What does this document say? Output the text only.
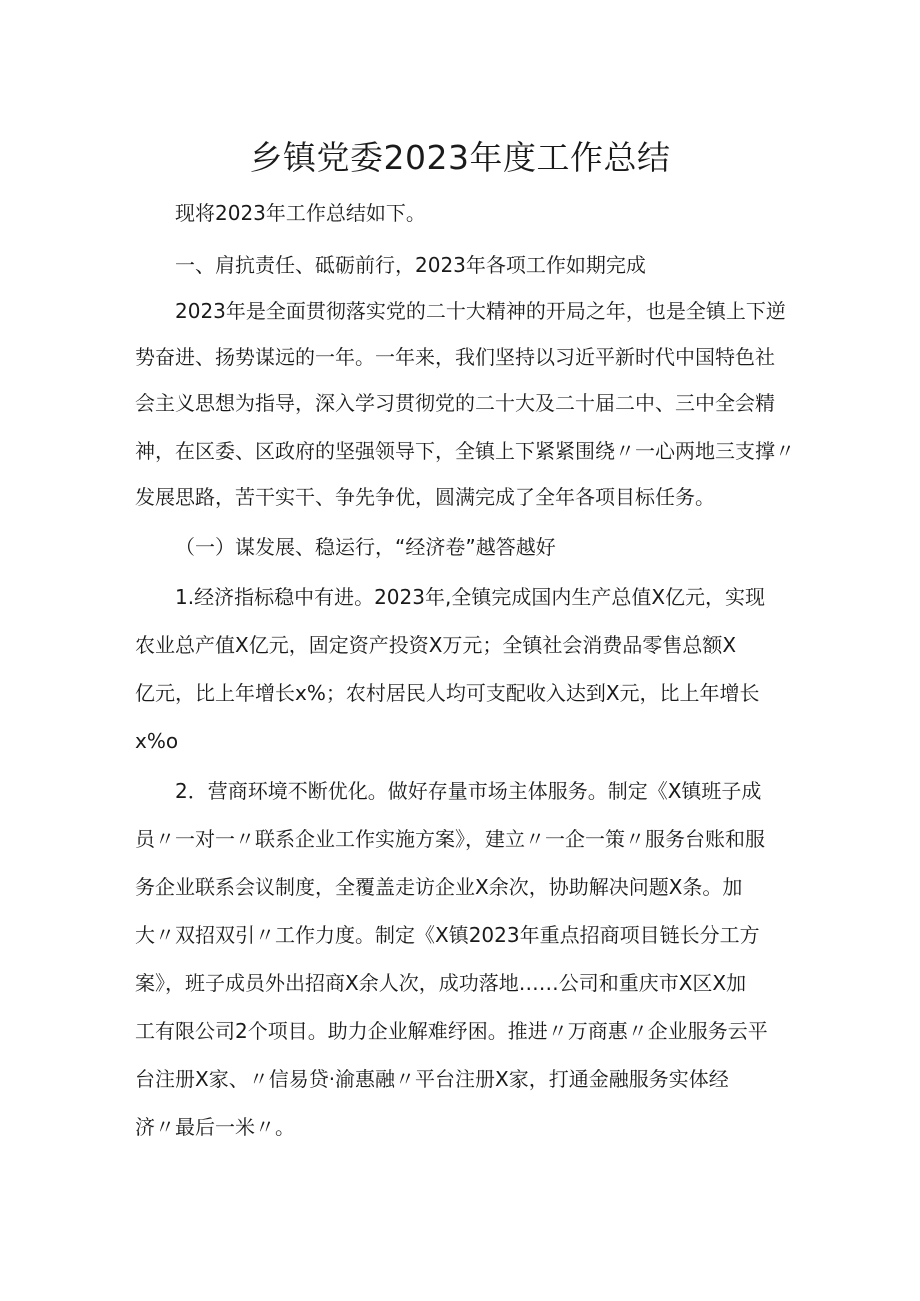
乡镇党委2023年度工作总结

现将2023年工作总结如下。

一、肩抗责任、砥砺前行，2023年各项工作如期完成

2023年是全面贯彻落实党的二十大精神的开局之年，也是全镇上下逆

势奋进、扬势谋远的一年。一年来，我们坚持以习近平新时代中国特色社

会主义思想为指导，深入学习贯彻党的二十大及二十届二中、三中全会精

神，在区委、区政府的坚强领导下，全镇上下紧紧围绕〃一心两地三支撑〃

发展思路，苦干实干、争先争优，圆满完成了全年各项目标任务。

（一）谋发展、稳运行，“经济卷”越答越好

1.经济指标稳中有进。2023年,全镇完成国内生产总值X亿元，实现

农业总产值X亿元，固定资产投资X万元；全镇社会消费品零售总额X

亿元，比上年增长x%；农村居民人均可支配收入达到X元，比上年增长

x%o

2．营商环境不断优化。做好存量市场主体服务。制定《X镇班子成

员〃一对一〃联系企业工作实施方案》，建立〃一企一策〃服务台账和服

务企业联系会议制度，全覆盖走访企业X余次，协助解决问题X条。加

大〃双招双引〃工作力度。制定《X镇2023年重点招商项目链长分工方

案》，班子成员外出招商X余人次，成功落地……公司和重庆市X区X加

工有限公司2个项目。助力企业解难纾困。推进〃万商惠〃企业服务云平

台注册X家、〃信易贷·渝惠融〃平台注册X家，打通金融服务实体经

济〃最后一米〃。
